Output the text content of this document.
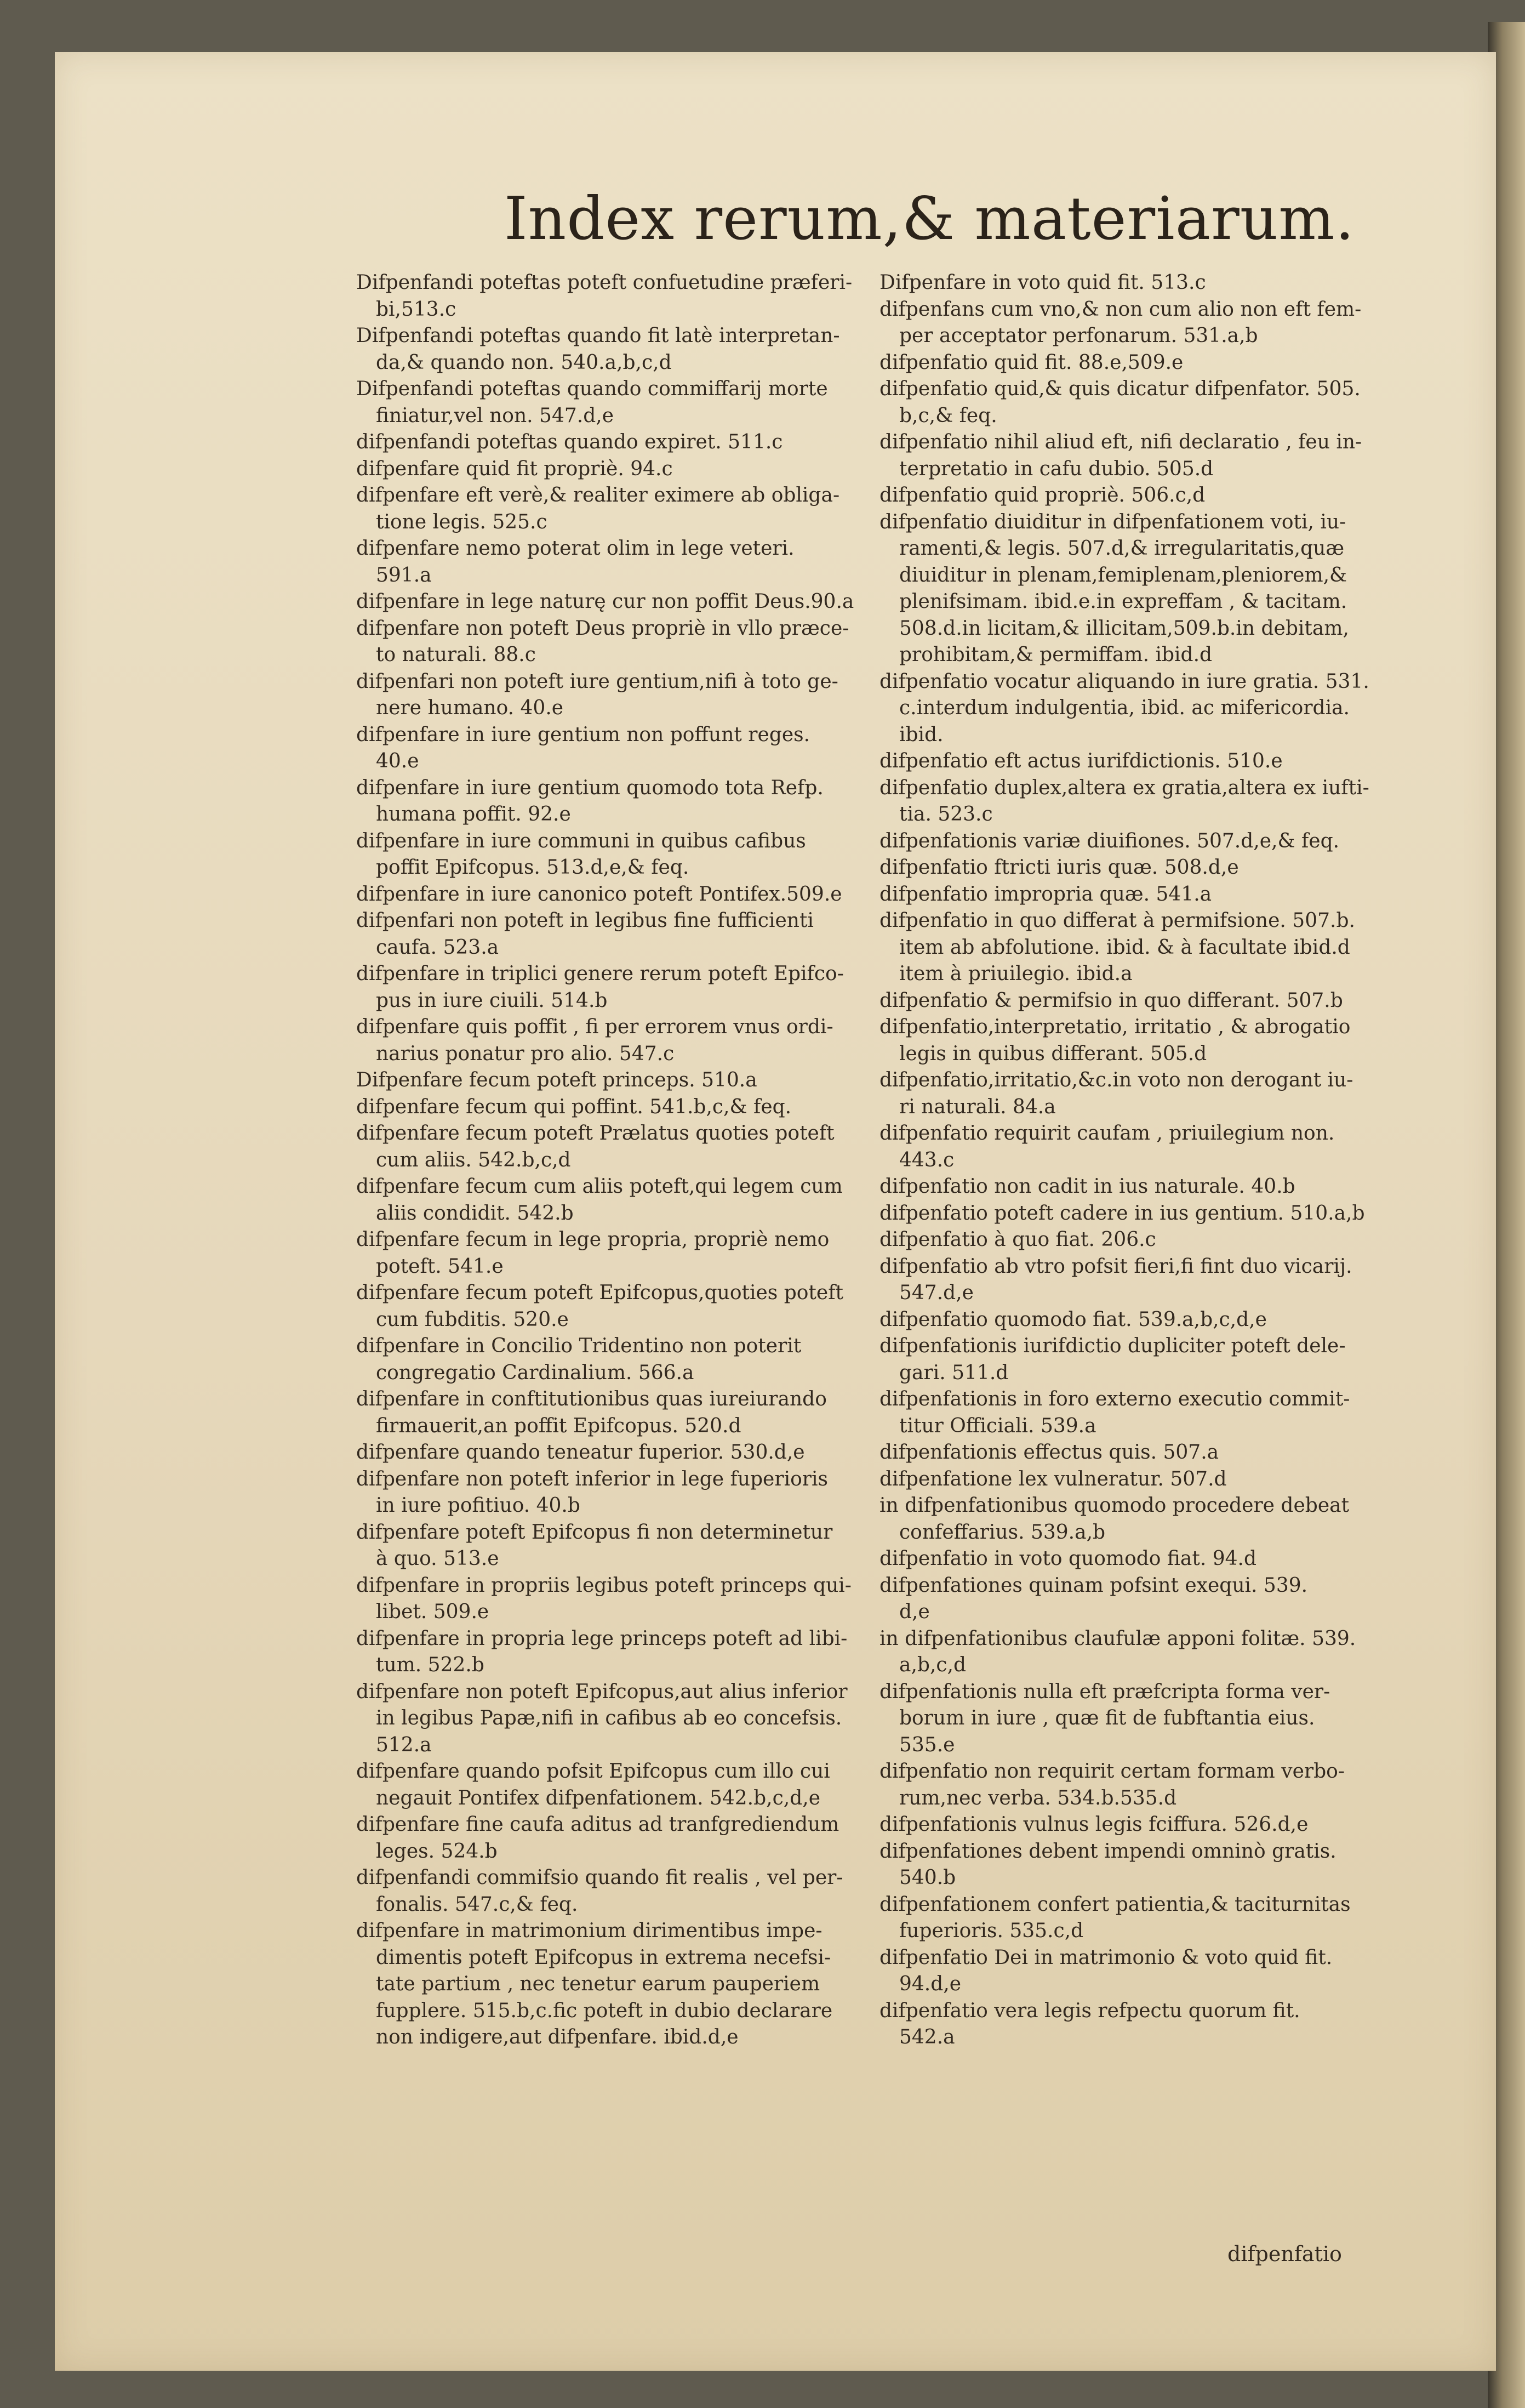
Index rerum,& materiarum.
Difpenfandi poteftas poteft confuetudine præferi-
bi,513.c
Difpenfandi poteftas quando fit latè interpretan-
da,& quando non. 540.a,b,c,d
Difpenfandi poteftas quando commiffarij morte
finiatur,vel non. 547.d,e
difpenfandi poteftas quando expiret. 511.c
difpenfare quid fit propriè. 94.c
difpenfare eft verè,& realiter eximere ab obliga-
tione legis. 525.c
difpenfare nemo poterat olim in lege veteri.
591.a
difpenfare in lege naturę cur non poffit Deus.90.a
difpenfare non poteft Deus propriè in vllo præce-
to naturali. 88.c
difpenfari non poteft iure gentium,nifi à toto ge-
nere humano. 40.e
difpenfare in iure gentium non poffunt reges.
40.e
difpenfare in iure gentium quomodo tota Refp.
humana poffit. 92.e
difpenfare in iure communi in quibus cafibus
poffit Epifcopus. 513.d,e,& feq.
difpenfare in iure canonico poteft Pontifex.509.e
difpenfari non poteft in legibus fine fufficienti
caufa. 523.a
difpenfare in triplici genere rerum poteft Epifco-
pus in iure ciuili. 514.b
difpenfare quis poffit , fi per errorem vnus ordi-
narius ponatur pro alio. 547.c
Difpenfare fecum poteft princeps. 510.a
difpenfare fecum qui poffint. 541.b,c,& feq.
difpenfare fecum poteft Prælatus quoties poteft
cum aliis. 542.b,c,d
difpenfare fecum cum aliis poteft,qui legem cum
aliis condidit. 542.b
difpenfare fecum in lege propria, propriè nemo
poteft. 541.e
difpenfare fecum poteft Epifcopus,quoties poteft
cum fubditis. 520.e
difpenfare in Concilio Tridentino non poterit
congregatio Cardinalium. 566.a
difpenfare in conftitutionibus quas iureiurando
firmauerit,an poffit Epifcopus. 520.d
difpenfare quando teneatur fuperior. 530.d,e
difpenfare non poteft inferior in lege fuperioris
in iure pofitiuo. 40.b
difpenfare poteft Epifcopus fi non determinetur
à quo. 513.e
difpenfare in propriis legibus poteft princeps qui-
libet. 509.e
difpenfare in propria lege princeps poteft ad libi-
tum. 522.b
difpenfare non poteft Epifcopus,aut alius inferior
in legibus Papæ,nifi in cafibus ab eo concefsis.
512.a
difpenfare quando pofsit Epifcopus cum illo cui
negauit Pontifex difpenfationem. 542.b,c,d,e
difpenfare fine caufa aditus ad tranfgrediendum
leges. 524.b
difpenfandi commifsio quando fit realis , vel per-
fonalis. 547.c,& feq.
difpenfare in matrimonium dirimentibus impe-
dimentis poteft Epifcopus in extrema necefsi-
tate partium , nec tenetur earum pauperiem
fupplere. 515.b,c.fic poteft in dubio declarare
non indigere,aut difpenfare. ibid.d,e
Difpenfare in voto quid fit. 513.c
difpenfans cum vno,& non cum alio non eft fem-
per acceptator perfonarum. 531.a,b
difpenfatio quid fit. 88.e,509.e
difpenfatio quid,& quis dicatur difpenfator. 505.
b,c,& feq.
difpenfatio nihil aliud eft, nifi declaratio , feu in-
terpretatio in cafu dubio. 505.d
difpenfatio quid propriè. 506.c,d
difpenfatio diuiditur in difpenfationem voti, iu-
ramenti,& legis. 507.d,& irregularitatis,quæ
diuiditur in plenam,femiplenam,pleniorem,&
plenifsimam. ibid.e.in expreffam , & tacitam.
508.d.in licitam,& illicitam,509.b.in debitam,
prohibitam,& permiffam. ibid.d
difpenfatio vocatur aliquando in iure gratia. 531.
c.interdum indulgentia, ibid. ac mifericordia.
ibid.
difpenfatio eft actus iurifdictionis. 510.e
difpenfatio duplex,altera ex gratia,altera ex iufti-
tia. 523.c
difpenfationis variæ diuifiones. 507.d,e,& feq.
difpenfatio ftricti iuris quæ. 508.d,e
difpenfatio impropria quæ. 541.a
difpenfatio in quo differat à permifsione. 507.b.
item ab abfolutione. ibid. & à facultate ibid.d
item à priuilegio. ibid.a
difpenfatio & permifsio in quo differant. 507.b
difpenfatio,interpretatio, irritatio , & abrogatio
legis in quibus differant. 505.d
difpenfatio,irritatio,&c.in voto non derogant iu-
ri naturali. 84.a
difpenfatio requirit caufam , priuilegium non.
443.c
difpenfatio non cadit in ius naturale. 40.b
difpenfatio poteft cadere in ius gentium. 510.a,b
difpenfatio à quo fiat. 206.c
difpenfatio ab vtro pofsit fieri,fi fint duo vicarij.
547.d,e
difpenfatio quomodo fiat. 539.a,b,c,d,e
difpenfationis iurifdictio dupliciter poteft dele-
gari. 511.d
difpenfationis in foro externo executio commit-
titur Officiali. 539.a
difpenfationis effectus quis. 507.a
difpenfatione lex vulneratur. 507.d
in difpenfationibus quomodo procedere debeat
confeffarius. 539.a,b
difpenfatio in voto quomodo fiat. 94.d
difpenfationes quinam pofsint exequi. 539.
d,e
in difpenfationibus claufulæ apponi folitæ. 539.
a,b,c,d
difpenfationis nulla eft præfcripta forma ver-
borum in iure , quæ fit de fubftantia eius.
535.e
difpenfatio non requirit certam formam verbo-
rum,nec verba. 534.b.535.d
difpenfationis vulnus legis fciffura. 526.d,e
difpenfationes debent impendi omninò gratis.
540.b
difpenfationem confert patientia,& taciturnitas
fuperioris. 535.c,d
difpenfatio Dei in matrimonio & voto quid fit.
94.d,e
difpenfatio vera legis refpectu quorum fit.
542.a
difpenfatio
